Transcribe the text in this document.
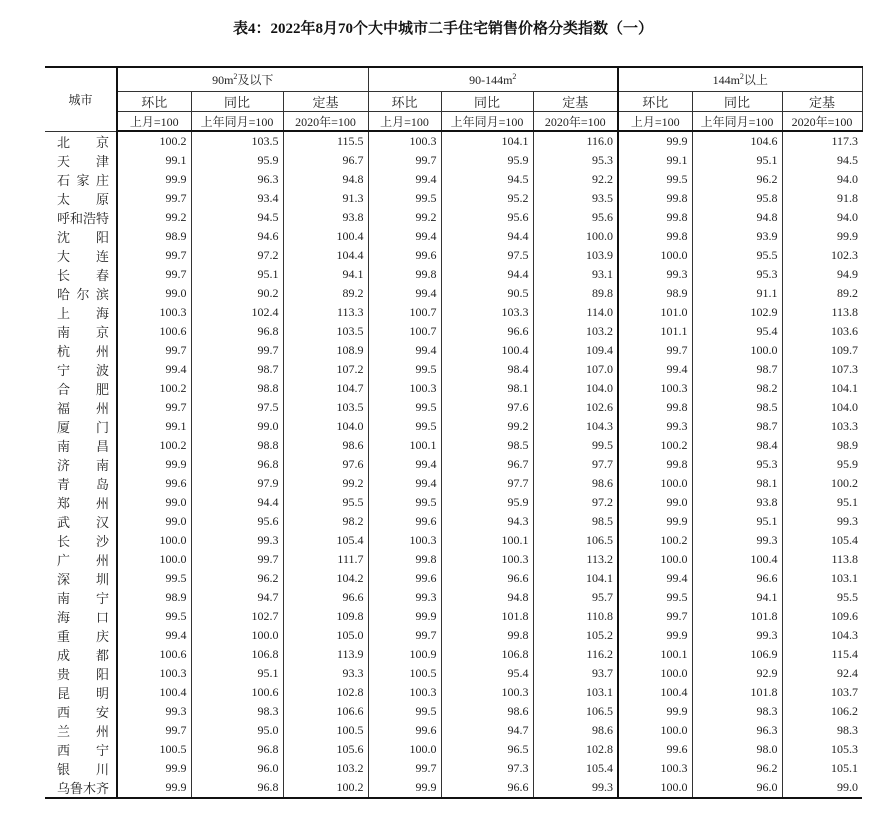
表4：2022年8月70个大中城市二手住宅销售价格分类指数（一）
城市	$90m^2$及以下			$90-144m^2$			$144m^2$以上		
	环比	同比	定基	环比	同比	定基	环比	同比	定基
	上月=100	上年同月=100	2020年=100	上月=100	上年同月=100	2020年=100	上月=100	上年同月=100	2020年=100
北京	100.2	103.5	115.5	100.3	104.1	116.0	99.9	104.6	117.3
天津	99.1	95.9	96.7	99.7	95.9	95.3	99.1	95.1	94.5
石家庄	99.9	96.3	94.8	99.4	94.5	92.2	99.5	96.2	94.0
太原	99.7	93.4	91.3	99.5	95.2	93.5	99.8	95.8	91.8
呼和浩特	99.2	94.5	93.8	99.2	95.6	95.6	99.8	94.8	94.0
沈阳	98.9	94.6	100.4	99.4	94.4	100.0	99.8	93.9	99.9
大连	99.7	97.2	104.4	99.6	97.5	103.9	100.0	95.5	102.3
长春	99.7	95.1	94.1	99.8	94.4	93.1	99.3	95.3	94.9
哈尔滨	99.0	90.2	89.2	99.4	90.5	89.8	98.9	91.1	89.2
上海	100.3	102.4	113.3	100.7	103.3	114.0	101.0	102.9	113.8
南京	100.6	96.8	103.5	100.7	96.6	103.2	101.1	95.4	103.6
杭州	99.7	99.7	108.9	99.4	100.4	109.4	99.7	100.0	109.7
宁波	99.4	98.7	107.2	99.5	98.4	107.0	99.4	98.7	107.3
合肥	100.2	98.8	104.7	100.3	98.1	104.0	100.3	98.2	104.1
福州	99.7	97.5	103.5	99.5	97.6	102.6	99.8	98.5	104.0
厦门	99.1	99.0	104.0	99.5	99.2	104.3	99.3	98.7	103.3
南昌	100.2	98.8	98.6	100.1	98.5	99.5	100.2	98.4	98.9
济南	99.9	96.8	97.6	99.4	96.7	97.7	99.8	95.3	95.9
青岛	99.6	97.9	99.2	99.4	97.7	98.6	100.0	98.1	100.2
郑州	99.0	94.4	95.5	99.5	95.9	97.2	99.0	93.8	95.1
武汉	99.0	95.6	98.2	99.6	94.3	98.5	99.9	95.1	99.3
长沙	100.0	99.3	105.4	100.3	100.1	106.5	100.2	99.3	105.4
广州	100.0	99.7	111.7	99.8	100.3	113.2	100.0	100.4	113.8
深圳	99.5	96.2	104.2	99.6	96.6	104.1	99.4	96.6	103.1
南宁	98.9	94.7	96.6	99.3	94.8	95.7	99.5	94.1	95.5
海口	99.5	102.7	109.8	99.9	101.8	110.8	99.7	101.8	109.6
重庆	99.4	100.0	105.0	99.7	99.8	105.2	99.9	99.3	104.3
成都	100.6	106.8	113.9	100.9	106.8	116.2	100.1	106.9	115.4
贵阳	100.3	95.1	93.3	100.5	95.4	93.7	100.0	92.9	92.4
昆明	100.4	100.6	102.8	100.3	100.3	103.1	100.4	101.8	103.7
西安	99.3	98.3	106.6	99.5	98.6	106.5	99.9	98.3	106.2
兰州	99.7	95.0	100.5	99.6	94.7	98.6	100.0	96.3	98.3
西宁	100.5	96.8	105.6	100.0	96.5	102.8	99.6	98.0	105.3
银川	99.9	96.0	103.2	99.7	97.3	105.4	100.3	96.2	105.1
乌鲁木齐	99.9	96.8	100.2	99.9	96.6	99.3	100.0	96.0	99.0
